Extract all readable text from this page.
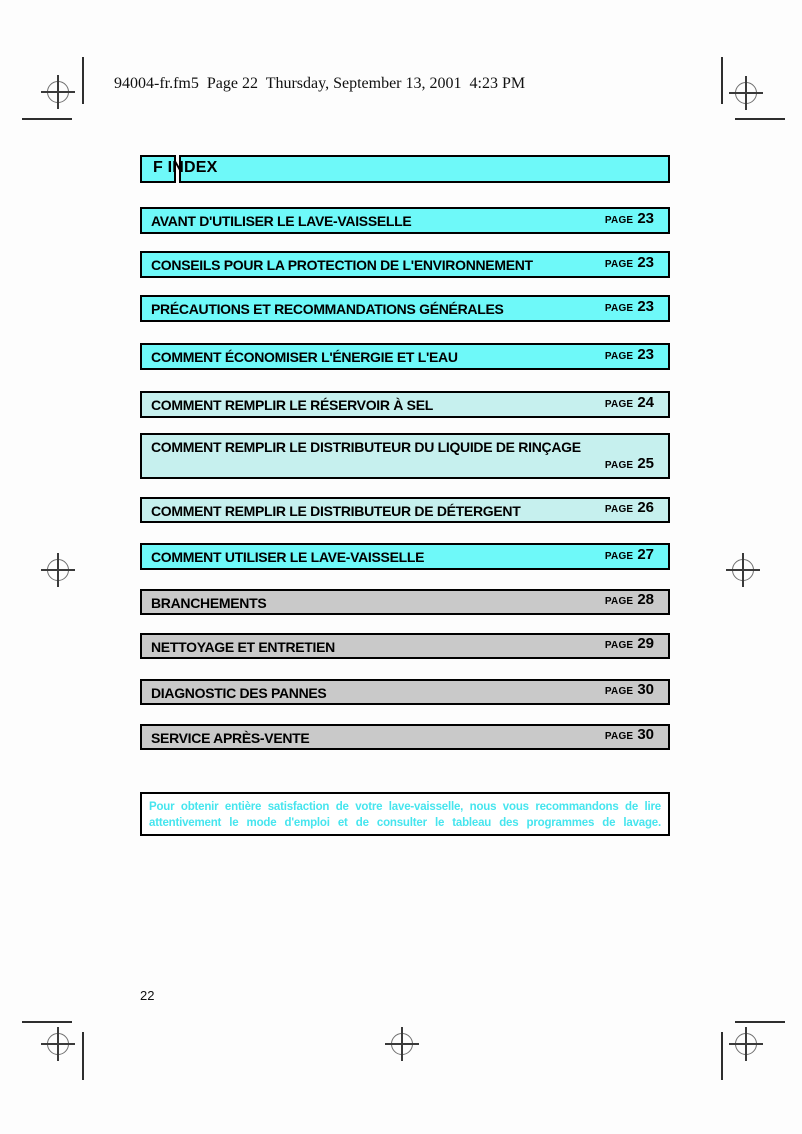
94004-fr.fm5  Page 22  Thursday, September 13, 2001  4:23 PM
F INDEX
AVANT D'UTILISER LE LAVE-VAISSELLE	PAGE 23
CONSEILS POUR LA PROTECTION DE L'ENVIRONNEMENT	PAGE 23
PRÉCAUTIONS ET RECOMMANDATIONS GÉNÉRALES	PAGE 23
COMMENT ÉCONOMISER L'ÉNERGIE ET L'EAU	PAGE 23
COMMENT REMPLIR LE RÉSERVOIR À SEL	PAGE 24
COMMENT REMPLIR LE DISTRIBUTEUR DU LIQUIDE DE RINÇAGE
PAGE 25
COMMENT REMPLIR LE DISTRIBUTEUR DE DÉTERGENT	PAGE 26
COMMENT UTILISER LE LAVE-VAISSELLE	PAGE 27
BRANCHEMENTS	PAGE 28
NETTOYAGE ET ENTRETIEN	PAGE 29
DIAGNOSTIC DES PANNES	PAGE 30
SERVICE APRÈS-VENTE	PAGE 30
Pour obtenir entière satisfaction de votre lave-vaisselle, nous vous recommandons de lire attentivement le mode d'emploi et de consulter le tableau des programmes de lavage.
22
